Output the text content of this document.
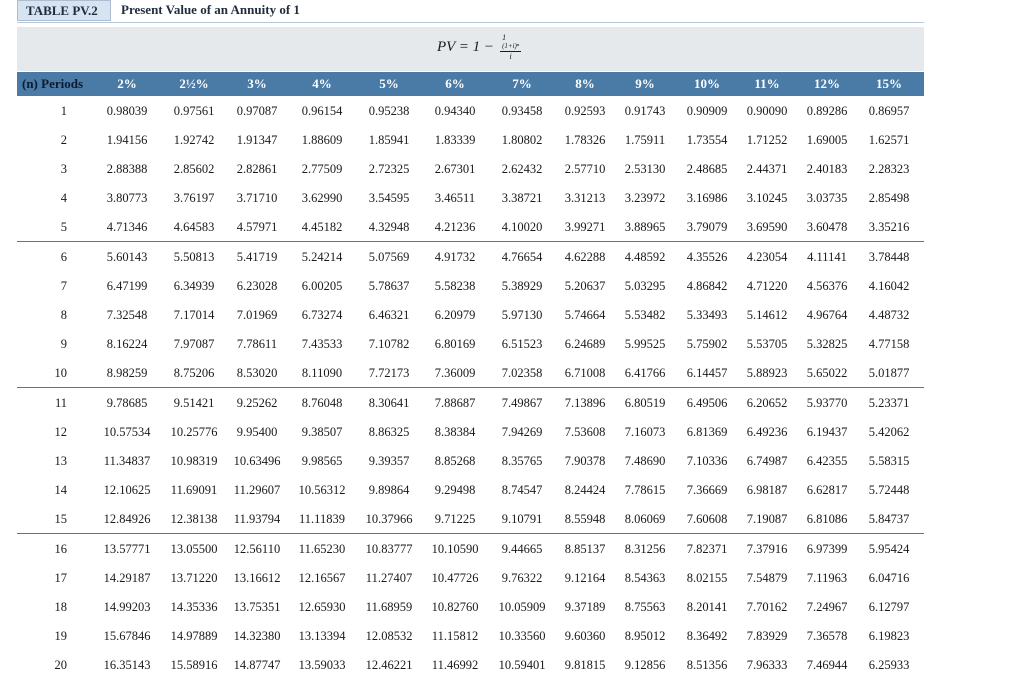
TABLE PV.2	Present Value of an Annuity of 1
PV = 1 − 1
(1+i)ⁿ
i
(n) Periods	2%	2½%	3%	4%	5%	6%	7%	8%	9%	10%	11%	12%	15%
1	0.98039	0.97561	0.97087	0.96154	0.95238	0.94340	0.93458	0.92593	0.91743	0.90909	0.90090	0.89286	0.86957
2	1.94156	1.92742	1.91347	1.88609	1.85941	1.83339	1.80802	1.78326	1.75911	1.73554	1.71252	1.69005	1.62571
3	2.88388	2.85602	2.82861	2.77509	2.72325	2.67301	2.62432	2.57710	2.53130	2.48685	2.44371	2.40183	2.28323
4	3.80773	3.76197	3.71710	3.62990	3.54595	3.46511	3.38721	3.31213	3.23972	3.16986	3.10245	3.03735	2.85498
5	4.71346	4.64583	4.57971	4.45182	4.32948	4.21236	4.10020	3.99271	3.88965	3.79079	3.69590	3.60478	3.35216
6	5.60143	5.50813	5.41719	5.24214	5.07569	4.91732	4.76654	4.62288	4.48592	4.35526	4.23054	4.11141	3.78448
7	6.47199	6.34939	6.23028	6.00205	5.78637	5.58238	5.38929	5.20637	5.03295	4.86842	4.71220	4.56376	4.16042
8	7.32548	7.17014	7.01969	6.73274	6.46321	6.20979	5.97130	5.74664	5.53482	5.33493	5.14612	4.96764	4.48732
9	8.16224	7.97087	7.78611	7.43533	7.10782	6.80169	6.51523	6.24689	5.99525	5.75902	5.53705	5.32825	4.77158
10	8.98259	8.75206	8.53020	8.11090	7.72173	7.36009	7.02358	6.71008	6.41766	6.14457	5.88923	5.65022	5.01877
11	9.78685	9.51421	9.25262	8.76048	8.30641	7.88687	7.49867	7.13896	6.80519	6.49506	6.20652	5.93770	5.23371
12	10.57534	10.25776	9.95400	9.38507	8.86325	8.38384	7.94269	7.53608	7.16073	6.81369	6.49236	6.19437	5.42062
13	11.34837	10.98319	10.63496	9.98565	9.39357	8.85268	8.35765	7.90378	7.48690	7.10336	6.74987	6.42355	5.58315
14	12.10625	11.69091	11.29607	10.56312	9.89864	9.29498	8.74547	8.24424	7.78615	7.36669	6.98187	6.62817	5.72448
15	12.84926	12.38138	11.93794	11.11839	10.37966	9.71225	9.10791	8.55948	8.06069	7.60608	7.19087	6.81086	5.84737
16	13.57771	13.05500	12.56110	11.65230	10.83777	10.10590	9.44665	8.85137	8.31256	7.82371	7.37916	6.97399	5.95424
17	14.29187	13.71220	13.16612	12.16567	11.27407	10.47726	9.76322	9.12164	8.54363	8.02155	7.54879	7.11963	6.04716
18	14.99203	14.35336	13.75351	12.65930	11.68959	10.82760	10.05909	9.37189	8.75563	8.20141	7.70162	7.24967	6.12797
19	15.67846	14.97889	14.32380	13.13394	12.08532	11.15812	10.33560	9.60360	8.95012	8.36492	7.83929	7.36578	6.19823
20	16.35143	15.58916	14.87747	13.59033	12.46221	11.46992	10.59401	9.81815	9.12856	8.51356	7.96333	7.46944	6.25933
